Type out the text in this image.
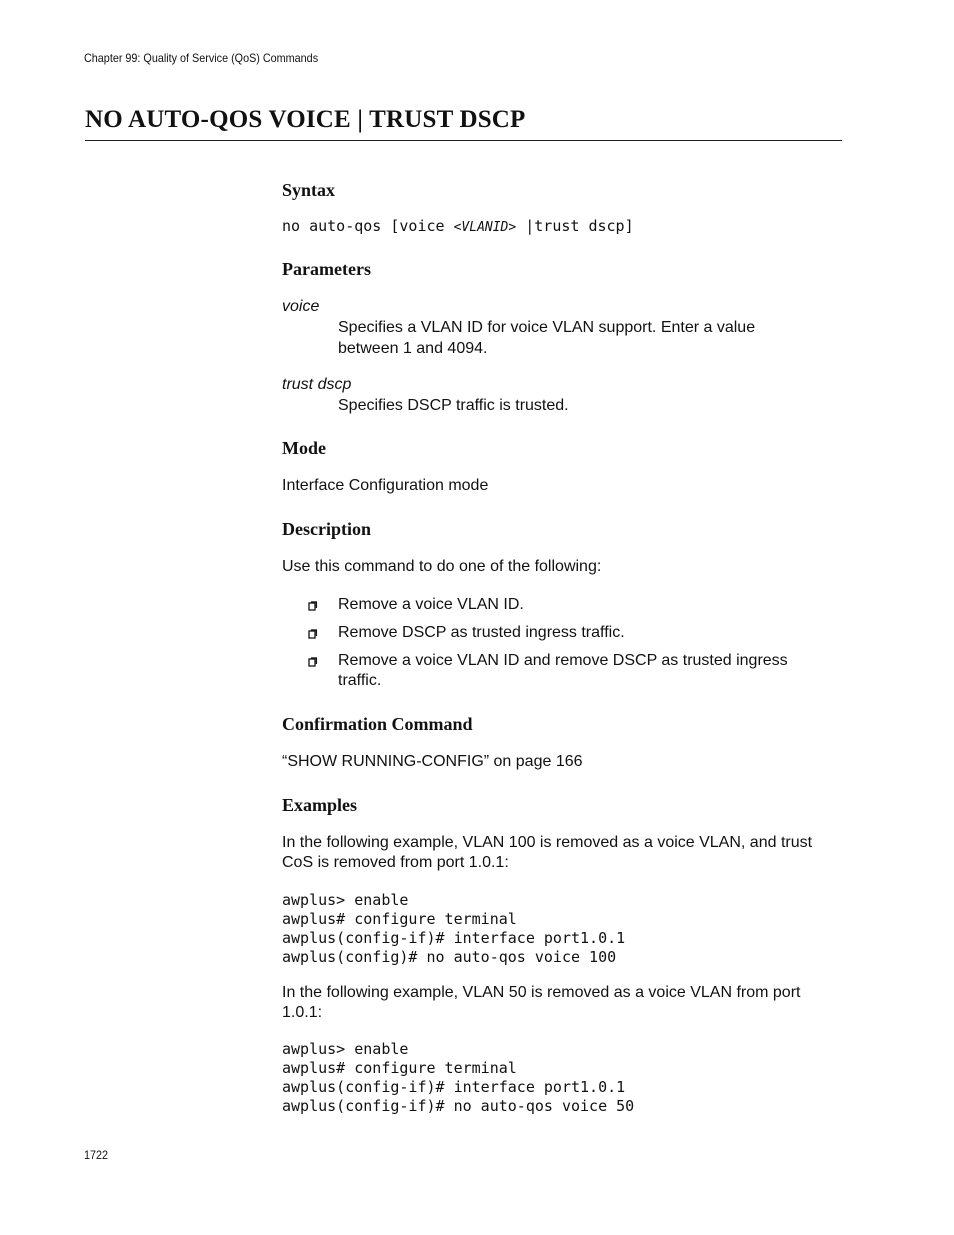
Chapter 99: Quality of Service (QoS) Commands
NO AUTO-QOS VOICE | TRUST DSCP
Syntax
no auto-qos [voice <VLANID> |trust dscp]
Parameters
voice
Specifies a VLAN ID for voice VLAN support. Enter a value between 1 and 4094.
trust dscp
Specifies DSCP traffic is trusted.
Mode
Interface Configuration mode
Description
Use this command to do one of the following:
Remove a voice VLAN ID.
Remove DSCP as trusted ingress traffic.
Remove a voice VLAN ID and remove DSCP as trusted ingress traffic.
Confirmation Command
“SHOW RUNNING-CONFIG” on page 166
Examples
In the following example, VLAN 100 is removed as a voice VLAN, and trust CoS is removed from port 1.0.1:
awplus> enable
awplus# configure terminal
awplus(config-if)# interface port1.0.1
awplus(config)# no auto-qos voice 100
In the following example, VLAN 50 is removed as a voice VLAN from port 1.0.1:
awplus> enable
awplus# configure terminal
awplus(config-if)# interface port1.0.1
awplus(config-if)# no auto-qos voice 50
1722
